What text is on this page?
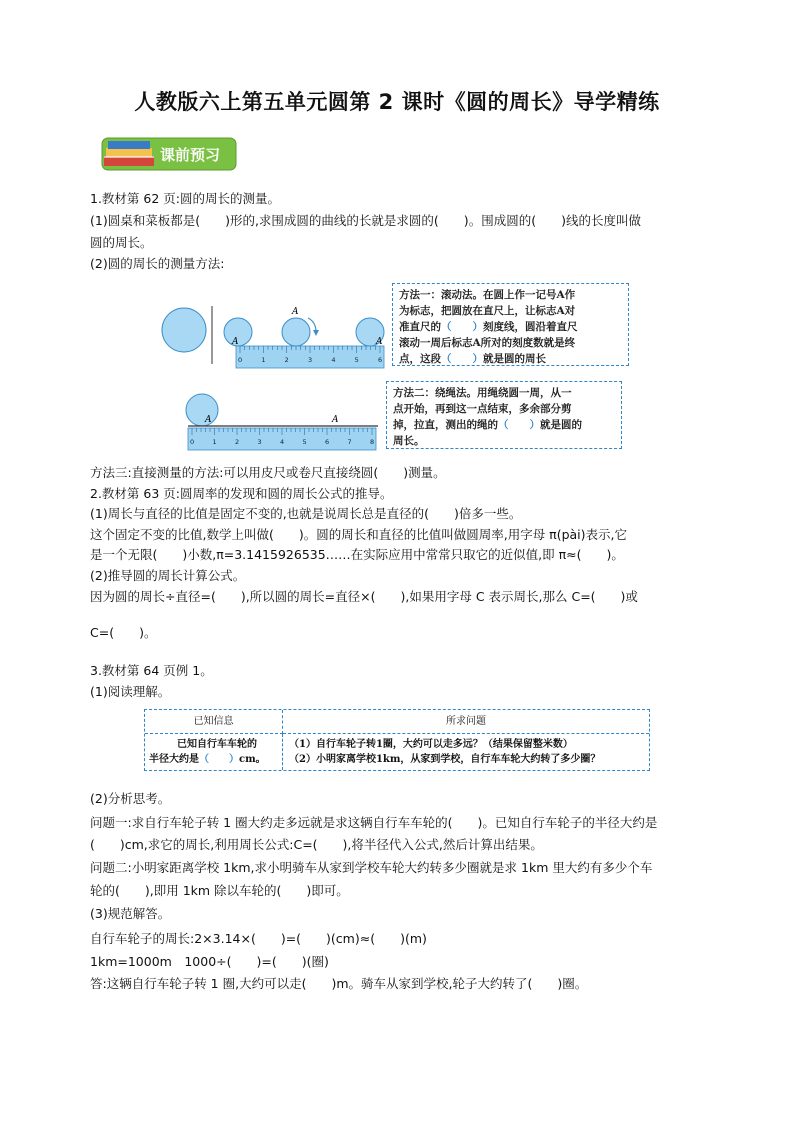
人教版六上第五单元圆第 2 课时《圆的周长》导学精练
课前预习
1.教材第 62 页:圆的周长的测量。
(1)圆桌和菜板都是(　　)形的,求围成圆的曲线的长就是求圆的(　　)。围成圆的(　　)线的长度叫做
圆的周长。
(2)圆的周长的测量方法:
0	1	2	3	4	5	6
A
A
A
方法一：滚动法。在圆上作一记号A作
为标志，把圆放在直尺上，让标志A对
准直尺的（　　）刻度线，圆沿着直尺
滚动一周后标志A所对的刻度数就是终
点，这段（　　）就是圆的周长
0	1	2	3	4	5	6	7	8
A	A
方法二：绕绳法。用绳绕圆一周，从一
点开始，再到这一点结束，多余部分剪
掉，拉直，测出的绳的（　　）就是圆的
周长。
方法三:直接测量的方法:可以用皮尺或卷尺直接绕圆(　　)测量。
2.教材第 63 页:圆周率的发现和圆的周长公式的推导。
(1)周长与直径的比值是固定不变的,也就是说周长总是直径的(　　)倍多一些。
这个固定不变的比值,数学上叫做(　　)。圆的周长和直径的比值叫做圆周率,用字母 π(pài)表示,它
是一个无限(　　)小数,π=3.1415926535……在实际应用中常常只取它的近似值,即 π≈(　　)。
(2)推导圆的周长计算公式。
因为圆的周长÷直径=(　　),所以圆的周长=直径×(　　),如果用字母 C 表示周长,那么 C=(　　)或
C=(　　)。
3.教材第 64 页例 1。
(1)阅读理解。
已知信息	所求问题
已知自行车车轮的
半径大约是（　　）cm。
（1）自行车轮子转1圈，大约可以走多远？（结果保留整米数）
（2）小明家离学校1km，从家到学校，自行车车轮大约转了多少圈？
(2)分析思考。
问题一:求自行车轮子转 1 圈大约走多远就是求这辆自行车车轮的(　　)。已知自行车轮子的半径大约是
(　　)cm,求它的周长,利用周长公式:C=(　　),将半径代入公式,然后计算出结果。
问题二:小明家距离学校 1km,求小明骑车从家到学校车轮大约转多少圈就是求 1km 里大约有多少个车
轮的(　　),即用 1km 除以车轮的(　　)即可。
(3)规范解答。
自行车轮子的周长:2×3.14×(　　)=(　　)(cm)≈(　　)(m)
1km=1000m　1000÷(　　)=(　　)(圈)
答:这辆自行车轮子转 1 圈,大约可以走(　　)m。骑车从家到学校,轮子大约转了(　　)圈。
